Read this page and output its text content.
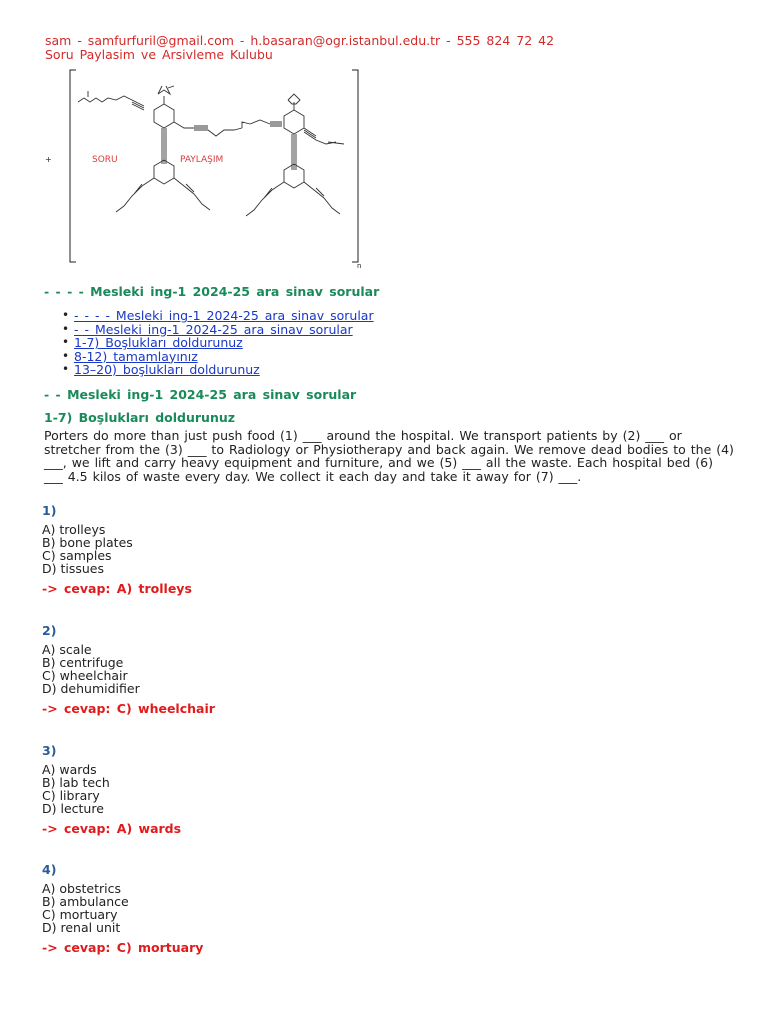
sam - samfurfuril@gmail.com - h.basaran@ogr.istanbul.edu.tr - 555 824 72 42
Soru Paylasim ve Arsivleme Kulubu
n
+	SORU	PAYLAŞIM
- - - - Mesleki ing-1 2024-25 ara sinav sorular
• - - - - Mesleki ing-1 2024-25 ara sinav sorular
• - - Mesleki ing-1 2024-25 ara sinav sorular
• 1-7) Boşlukları doldurunuz
• 8-12) tamamlayınız
• 13–20) boşlukları doldurunuz
- - Mesleki ing-1 2024-25 ara sinav sorular
1-7) Boşlukları doldurunuz
Porters do more than just push food (1) ___ around the hospital. We transport patients by (2) ___ or stretcher from the (3) ___ to Radiology or Physiotherapy and back again. We remove dead bodies to the (4) ___, we lift and carry heavy equipment and furniture, and we (5) ___ all the waste. Each hospital bed (6) ___ 4.5 kilos of waste every day. We collect it each day and take it away for (7) ___.
1)
A) trolleys
B) bone plates
C) samples
D) tissues
-> cevap: A) trolleys
2)
A) scale
B) centrifuge
C) wheelchair
D) dehumidifier
-> cevap: C) wheelchair
3)
A) wards
B) lab tech
C) library
D) lecture
-> cevap: A) wards
4)
A) obstetrics
B) ambulance
C) mortuary
D) renal unit
-> cevap: C) mortuary
